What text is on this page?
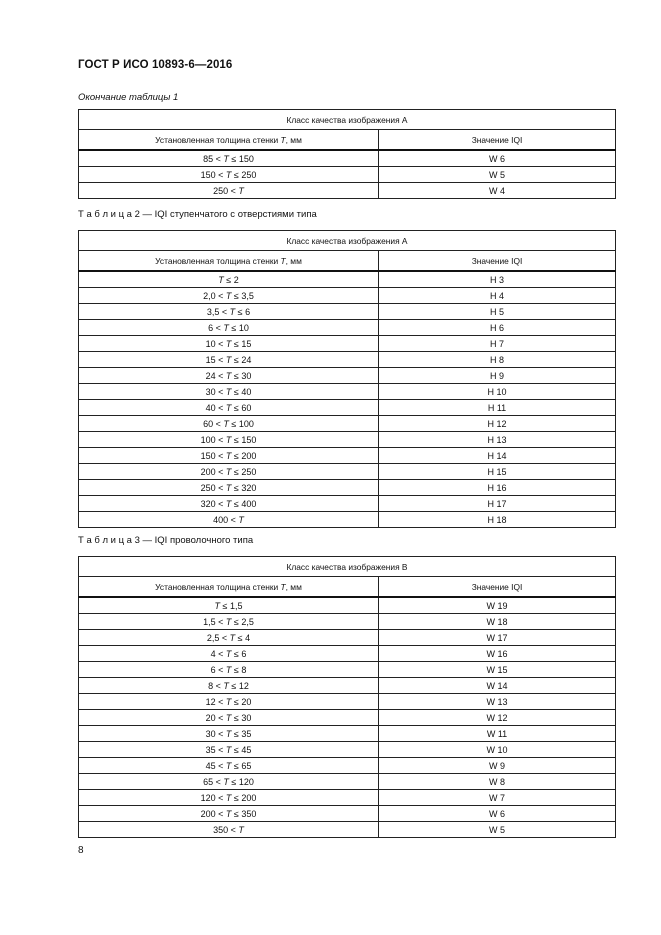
ГОСТ Р ИСО 10893-6—2016
Окончание таблицы 1
Класс качества изображения A	
Установленная толщина стенки T, мм	Значение IQI
85 < T ≤ 150	W 6
150 < T ≤ 250	W 5
250 < T	W 4
Т а б л и ц а 2 — IQI ступенчатого с отверстиями типа
Класс качества изображения A	
Установленная толщина стенки T, мм	Значение IQI
T ≤ 2	H 3
2,0 < T ≤ 3,5	H 4
3,5 < T ≤ 6	H 5
6 < T ≤ 10	H 6
10 < T ≤ 15	H 7
15 < T ≤ 24	H 8
24 < T ≤ 30	H 9
30 < T ≤ 40	H 10
40 < T ≤ 60	H 11
60 < T ≤ 100	H 12
100 < T ≤ 150	H 13
150 < T ≤ 200	H 14
200 < T ≤ 250	H 15
250 < T ≤ 320	H 16
320 < T ≤ 400	H 17
400 < T	H 18
Т а б л и ц а 3 — IQI проволочного типа
Класс качества изображения B	
Установленная толщина стенки T, мм	Значение IQI
T ≤ 1,5	W 19
1,5 < T ≤ 2,5	W 18
2,5 < T ≤ 4	W 17
4 < T ≤ 6	W 16
6 < T ≤ 8	W 15
8 < T ≤ 12	W 14
12 < T ≤ 20	W 13
20 < T ≤ 30	W 12
30 < T ≤ 35	W 11
35 < T ≤ 45	W 10
45 < T ≤ 65	W 9
65 < T ≤ 120	W 8
120 < T ≤ 200	W 7
200 < T ≤ 350	W 6
350 < T	W 5
8
